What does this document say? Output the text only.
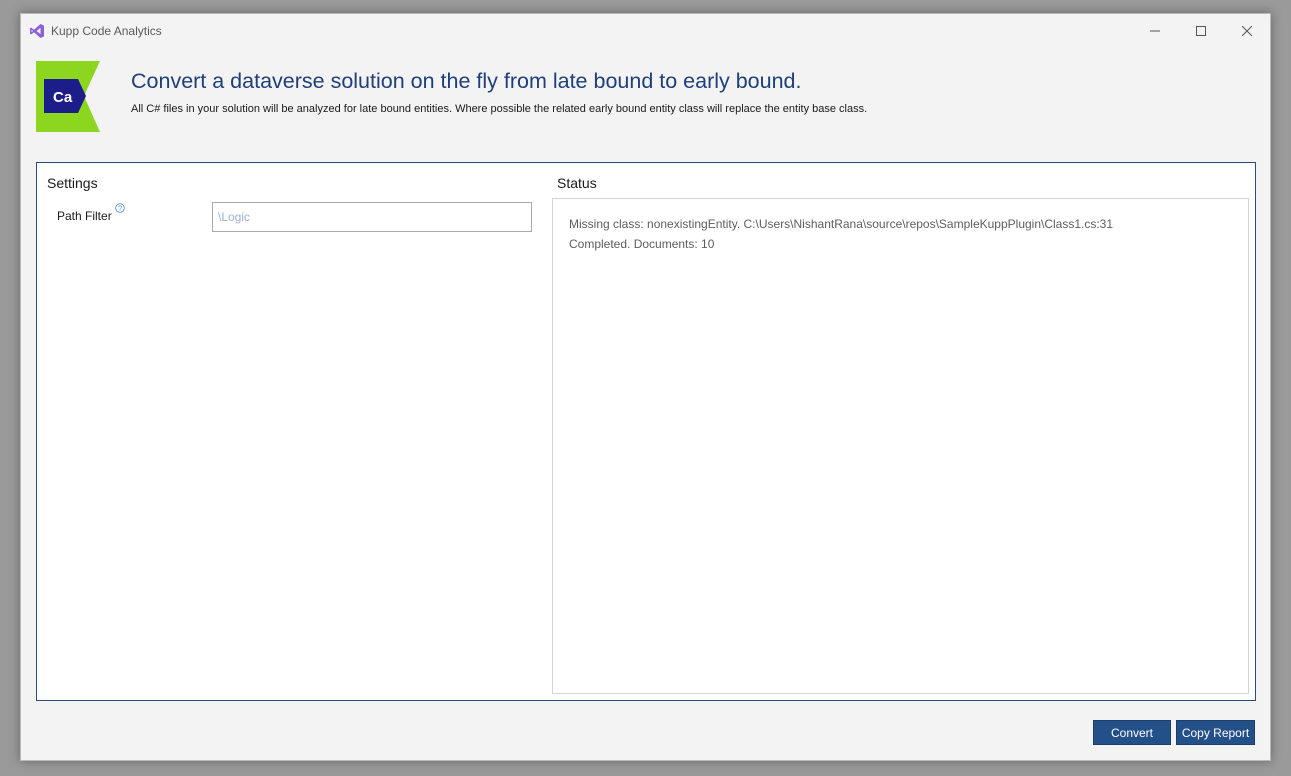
Kupp Code Analytics
Ca
Convert a dataverse solution on the fly from late bound to early bound.
All C# files in your solution will be analyzed for late bound entities. Where possible the related early bound entity class will replace the entity base class.
Settings
Path Filter ?
\Logic
Status
Missing class: nonexistingEntity. C:\Users\NishantRana\source\repos\SampleKuppPlugin\Class1.cs:31
Completed. Documents: 10
Convert	Copy Report
